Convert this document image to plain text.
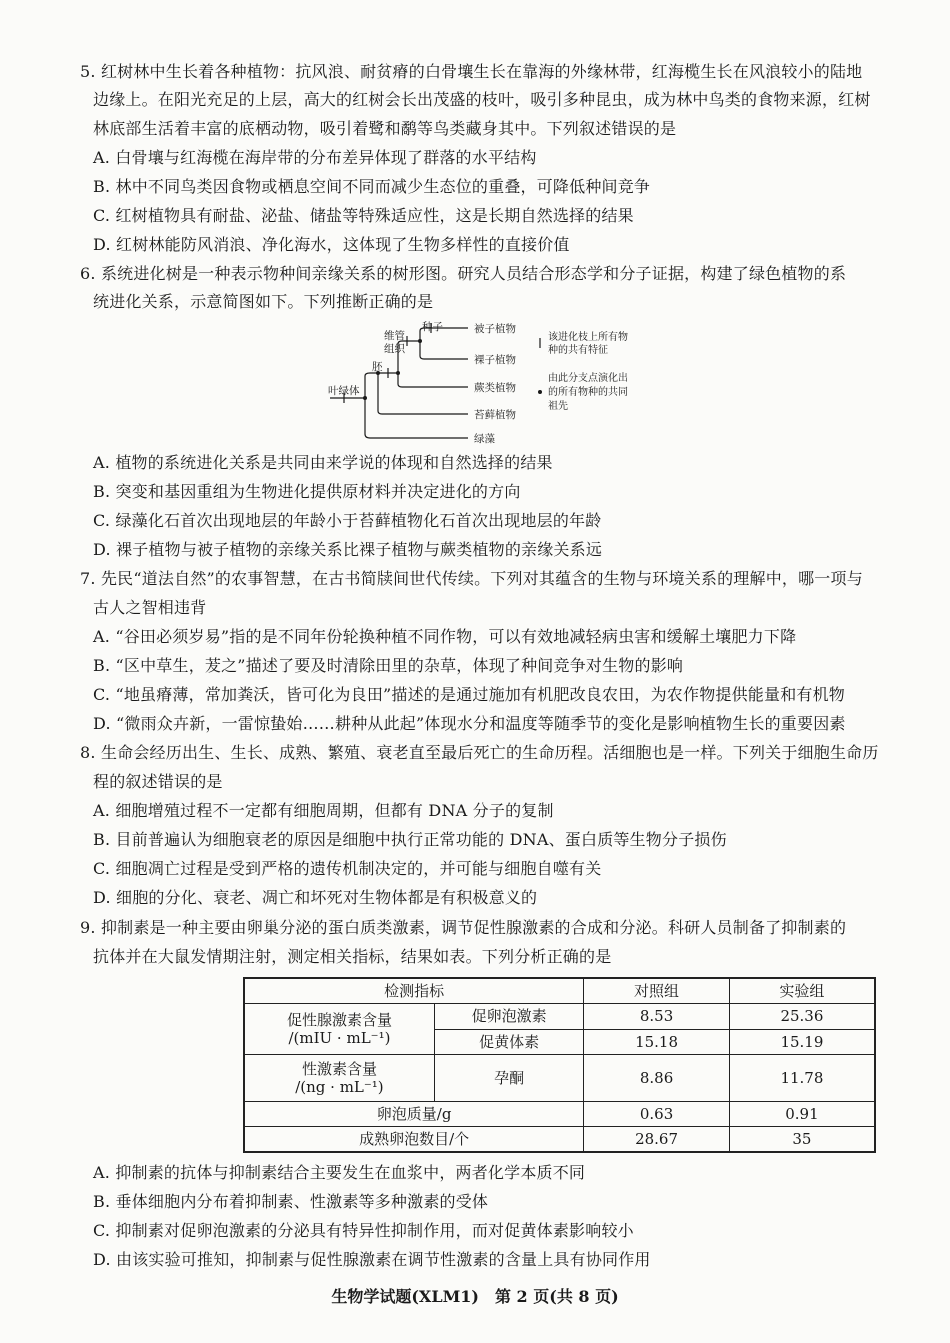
5. 红树林中生长着各种植物：抗风浪、耐贫瘠的白骨壤生长在靠海的外缘林带，红海榄生长在风浪较小的陆地
边缘上。在阳光充足的上层，高大的红树会长出茂盛的枝叶，吸引多种昆虫，成为林中鸟类的食物来源，红树
林底部生活着丰富的底栖动物，吸引着鹭和鹬等鸟类藏身其中。下列叙述错误的是
A. 白骨壤与红海榄在海岸带的分布差异体现了群落的水平结构
B. 林中不同鸟类因食物或栖息空间不同而减少生态位的重叠，可降低种间竞争
C. 红树植物具有耐盐、泌盐、储盐等特殊适应性，这是长期自然选择的结果
D. 红树林能防风消浪、净化海水，这体现了生物多样性的直接价值
6. 系统进化树是一种表示物种间亲缘关系的树形图。研究人员结合形态学和分子证据，构建了绿色植物的系
统进化关系，示意简图如下。下列推断正确的是
种子
维管
组织
胚
叶绿体
被子植物
裸子植物
蕨类植物
苔藓植物
绿藻
该进化枝上所有物
种的共有特征
由此分支点演化出
的所有物种的共同
祖先
A. 植物的系统进化关系是共同由来学说的体现和自然选择的结果
B. 突变和基因重组为生物进化提供原材料并决定进化的方向
C. 绿藻化石首次出现地层的年龄小于苔藓植物化石首次出现地层的年龄
D. 裸子植物与被子植物的亲缘关系比裸子植物与蕨类植物的亲缘关系远
7. 先民“道法自然”的农事智慧，在古书简牍间世代传续。下列对其蕴含的生物与环境关系的理解中，哪一项与
古人之智相违背
A. “谷田必须岁易”指的是不同年份轮换种植不同作物，可以有效地减轻病虫害和缓解土壤肥力下降
B. “区中草生，茇之”描述了要及时清除田里的杂草，体现了种间竞争对生物的影响
C. “地虽瘠薄，常加粪沃，皆可化为良田”描述的是通过施加有机肥改良农田，为农作物提供能量和有机物
D. “微雨众卉新，一雷惊蛰始……耕种从此起”体现水分和温度等随季节的变化是影响植物生长的重要因素
8. 生命会经历出生、生长、成熟、繁殖、衰老直至最后死亡的生命历程。活细胞也是一样。下列关于细胞生命历
程的叙述错误的是
A. 细胞增殖过程不一定都有细胞周期，但都有 DNA 分子的复制
B. 目前普遍认为细胞衰老的原因是细胞中执行正常功能的 DNA、蛋白质等生物分子损伤
C. 细胞凋亡过程是受到严格的遗传机制决定的，并可能与细胞自噬有关
D. 细胞的分化、衰老、凋亡和坏死对生物体都是有积极意义的
9. 抑制素是一种主要由卵巢分泌的蛋白质类激素，调节促性腺激素的合成和分泌。科研人员制备了抑制素的
抗体并在大鼠发情期注射，测定相关指标，结果如表。下列分析正确的是
检测指标		对照组	实验组

促性腺激素含量
/(mIU · mL⁻¹)	促卵泡激素	8.53	25.36
	促黄体素	15.18	15.19

性激素含量
/(ng · mL⁻¹)	孕酮	8.86	11.78
卵泡质量/g		0.63	0.91
成熟卵泡数目/个		28.67	35
A. 抑制素的抗体与抑制素结合主要发生在血浆中，两者化学本质不同
B. 垂体细胞内分布着抑制素、性激素等多种激素的受体
C. 抑制素对促卵泡激素的分泌具有特异性抑制作用，而对促黄体素影响较小
D. 由该实验可推知，抑制素与促性腺激素在调节性激素的含量上具有协同作用
生物学试题(XLM1)　第 2 页(共 8 页)
